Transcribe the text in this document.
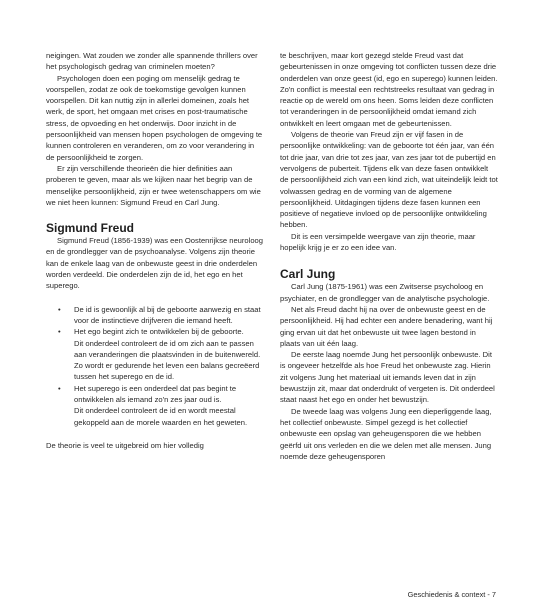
neigingen. Wat zouden we zonder alle spannende thrillers over het psychologisch gedrag van criminelen moeten?

Psychologen doen een poging om menselijk gedrag te voorspellen, zodat ze ook de toekomstige gevolgen kunnen voorspellen. Dit kan nuttig zijn in allerlei domeinen, zoals het werk, de sport, het omgaan met crises en post-traumatische stress, de opvoeding en het onderwijs. Door inzicht in de persoonlijkheid van mensen hopen psychologen de omgeving te kunnen controleren en veranderen, om zo voor verandering in de persoonlijkheid te zorgen.

Er zijn verschillende theorieën die hier definities aan proberen te geven, maar als we kijken naar het begrip van de menselijke persoonlijkheid, zijn er twee wetenschappers om wie we niet heen kunnen: Sigmund Freud en Carl Jung.

Sigmund Freud

Sigmund Freud (1856-1939) was een Oostenrijkse neuroloog en de grondlegger van de psychoanalyse. Volgens zijn theorie kan de enkele laag van de onbewuste geest in drie onderdelen worden verdeeld. Die onderdelen zijn de id, het ego en het superego.

• De id is gewoonlijk al bij de geboorte aanwezig en staat voor de instinctieve drijfveren die iemand heeft.
• Het ego begint zich te ontwikkelen bij de geboorte.
Dit onderdeel controleert de id om zich aan te passen aan veranderingen die plaatsvinden in de buitenwereld. Zo wordt er gedurende het leven een balans gecreëerd tussen het superego en de id.
• Het superego is een onderdeel dat pas begint te ontwikkelen als iemand zo'n zes jaar oud is.
Dit onderdeel controleert de id en wordt meestal gekoppeld aan de morele waarden en het geweten.

De theorie is veel te uitgebreid om hier volledig

te beschrijven, maar kort gezegd stelde Freud vast dat gebeurtenissen in onze omgeving tot conflicten tussen deze drie onderdelen van onze geest (id, ego en superego) kunnen leiden. Zo'n conflict is meestal een rechtstreeks resultaat van gedrag in reactie op de wereld om ons heen. Soms leiden deze conflicten tot veranderingen in de persoonlijkheid omdat iemand zich ontwikkelt en leert omgaan met de gebeurtenissen.

Volgens de theorie van Freud zijn er vijf fasen in de persoonlijke ontwikkeling: van de geboorte tot één jaar, van één tot drie jaar, van drie tot zes jaar, van zes jaar tot de pubertijd en vervolgens de puberteit. Tijdens elk van deze fasen ontwikkelt de persoonlijkheid zich van een kind zich, wat uiteindelijk leidt tot volwassen gedrag en de vorming van de algemene persoonlijkheid. Uitdagingen tijdens deze fasen kunnen een positieve of negatieve invloed op de persoonlijke ontwikkeling hebben.

Dit is een versimpelde weergave van zijn theorie, maar hopelijk krijg je er zo een idee van.

Carl Jung

Carl Jung (1875-1961) was een Zwitserse psycholoog en psychiater, en de grondlegger van de analytische psychologie.

Net als Freud dacht hij na over de onbewuste geest en de persoonlijkheid. Hij had echter een andere benadering, want hij ging ervan uit dat het onbewuste uit twee lagen bestond in plaats van uit één laag.

De eerste laag noemde Jung het persoonlijk onbewuste. Dit is ongeveer hetzelfde als hoe Freud het onbewuste zag. Hierin zit volgens Jung het materiaal uit iemands leven dat in zijn bewustzijn zit, maar dat onderdrukt of vergeten is. Dit onderdeel staat naast het ego en onder het bewustzijn.

De tweede laag was volgens Jung een dieperliggende laag, het collectief onbewuste. Simpel gezegd is het collectief onbewuste een opslag van geheugensporen die we hebben geërfd uit ons verleden en die we delen met alle mensen. Jung noemde deze geheugensporen

Geschiedenis & context - 7
